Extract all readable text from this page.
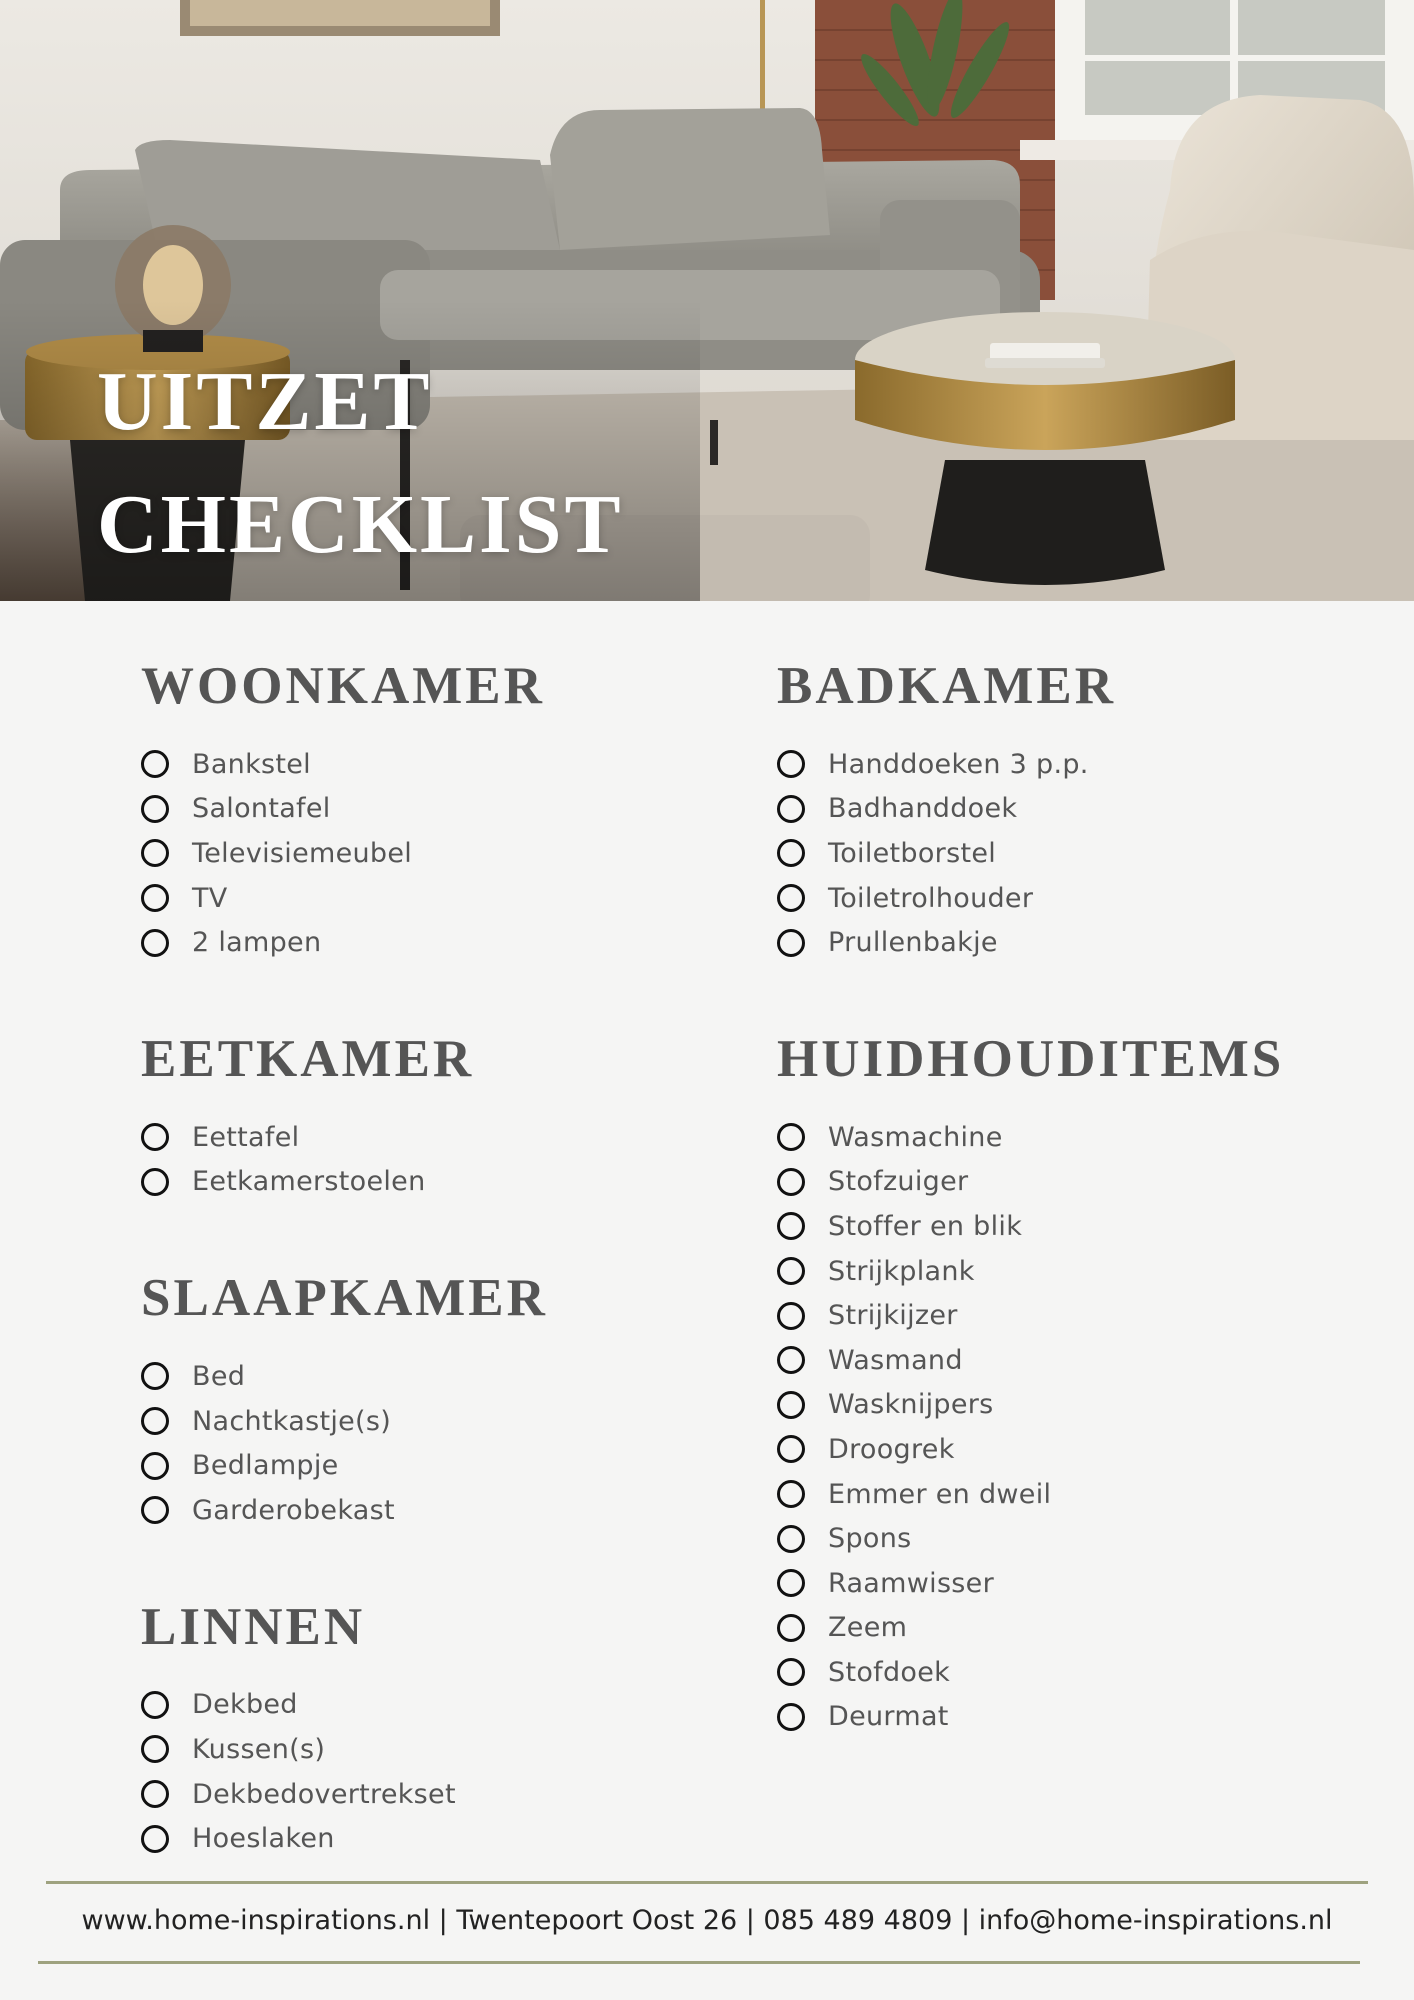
UITZET
CHECKLIST
WOONKAMER
Bankstel
Salontafel
Televisiemeubel
TV
2 lampen
EETKAMER
Eettafel
Eetkamerstoelen
SLAAPKAMER
Bed
Nachtkastje(s)
Bedlampje
Garderobekast
LINNEN
Dekbed
Kussen(s)
Dekbedovertrekset
Hoeslaken
BADKAMER
Handdoeken 3 p.p.
Badhanddoek
Toiletborstel
Toiletrolhouder
Prullenbakje
HUIDHOUDITEMS
Wasmachine
Stofzuiger
Stoffer en blik
Strijkplank
Strijkijzer
Wasmand
Wasknijpers
Droogrek
Emmer en dweil
Spons
Raamwisser
Zeem
Stofdoek
Deurmat
www.home-inspirations.nl | Twentepoort Oost 26 | 085 489 4809 | info@home-inspirations.nl
